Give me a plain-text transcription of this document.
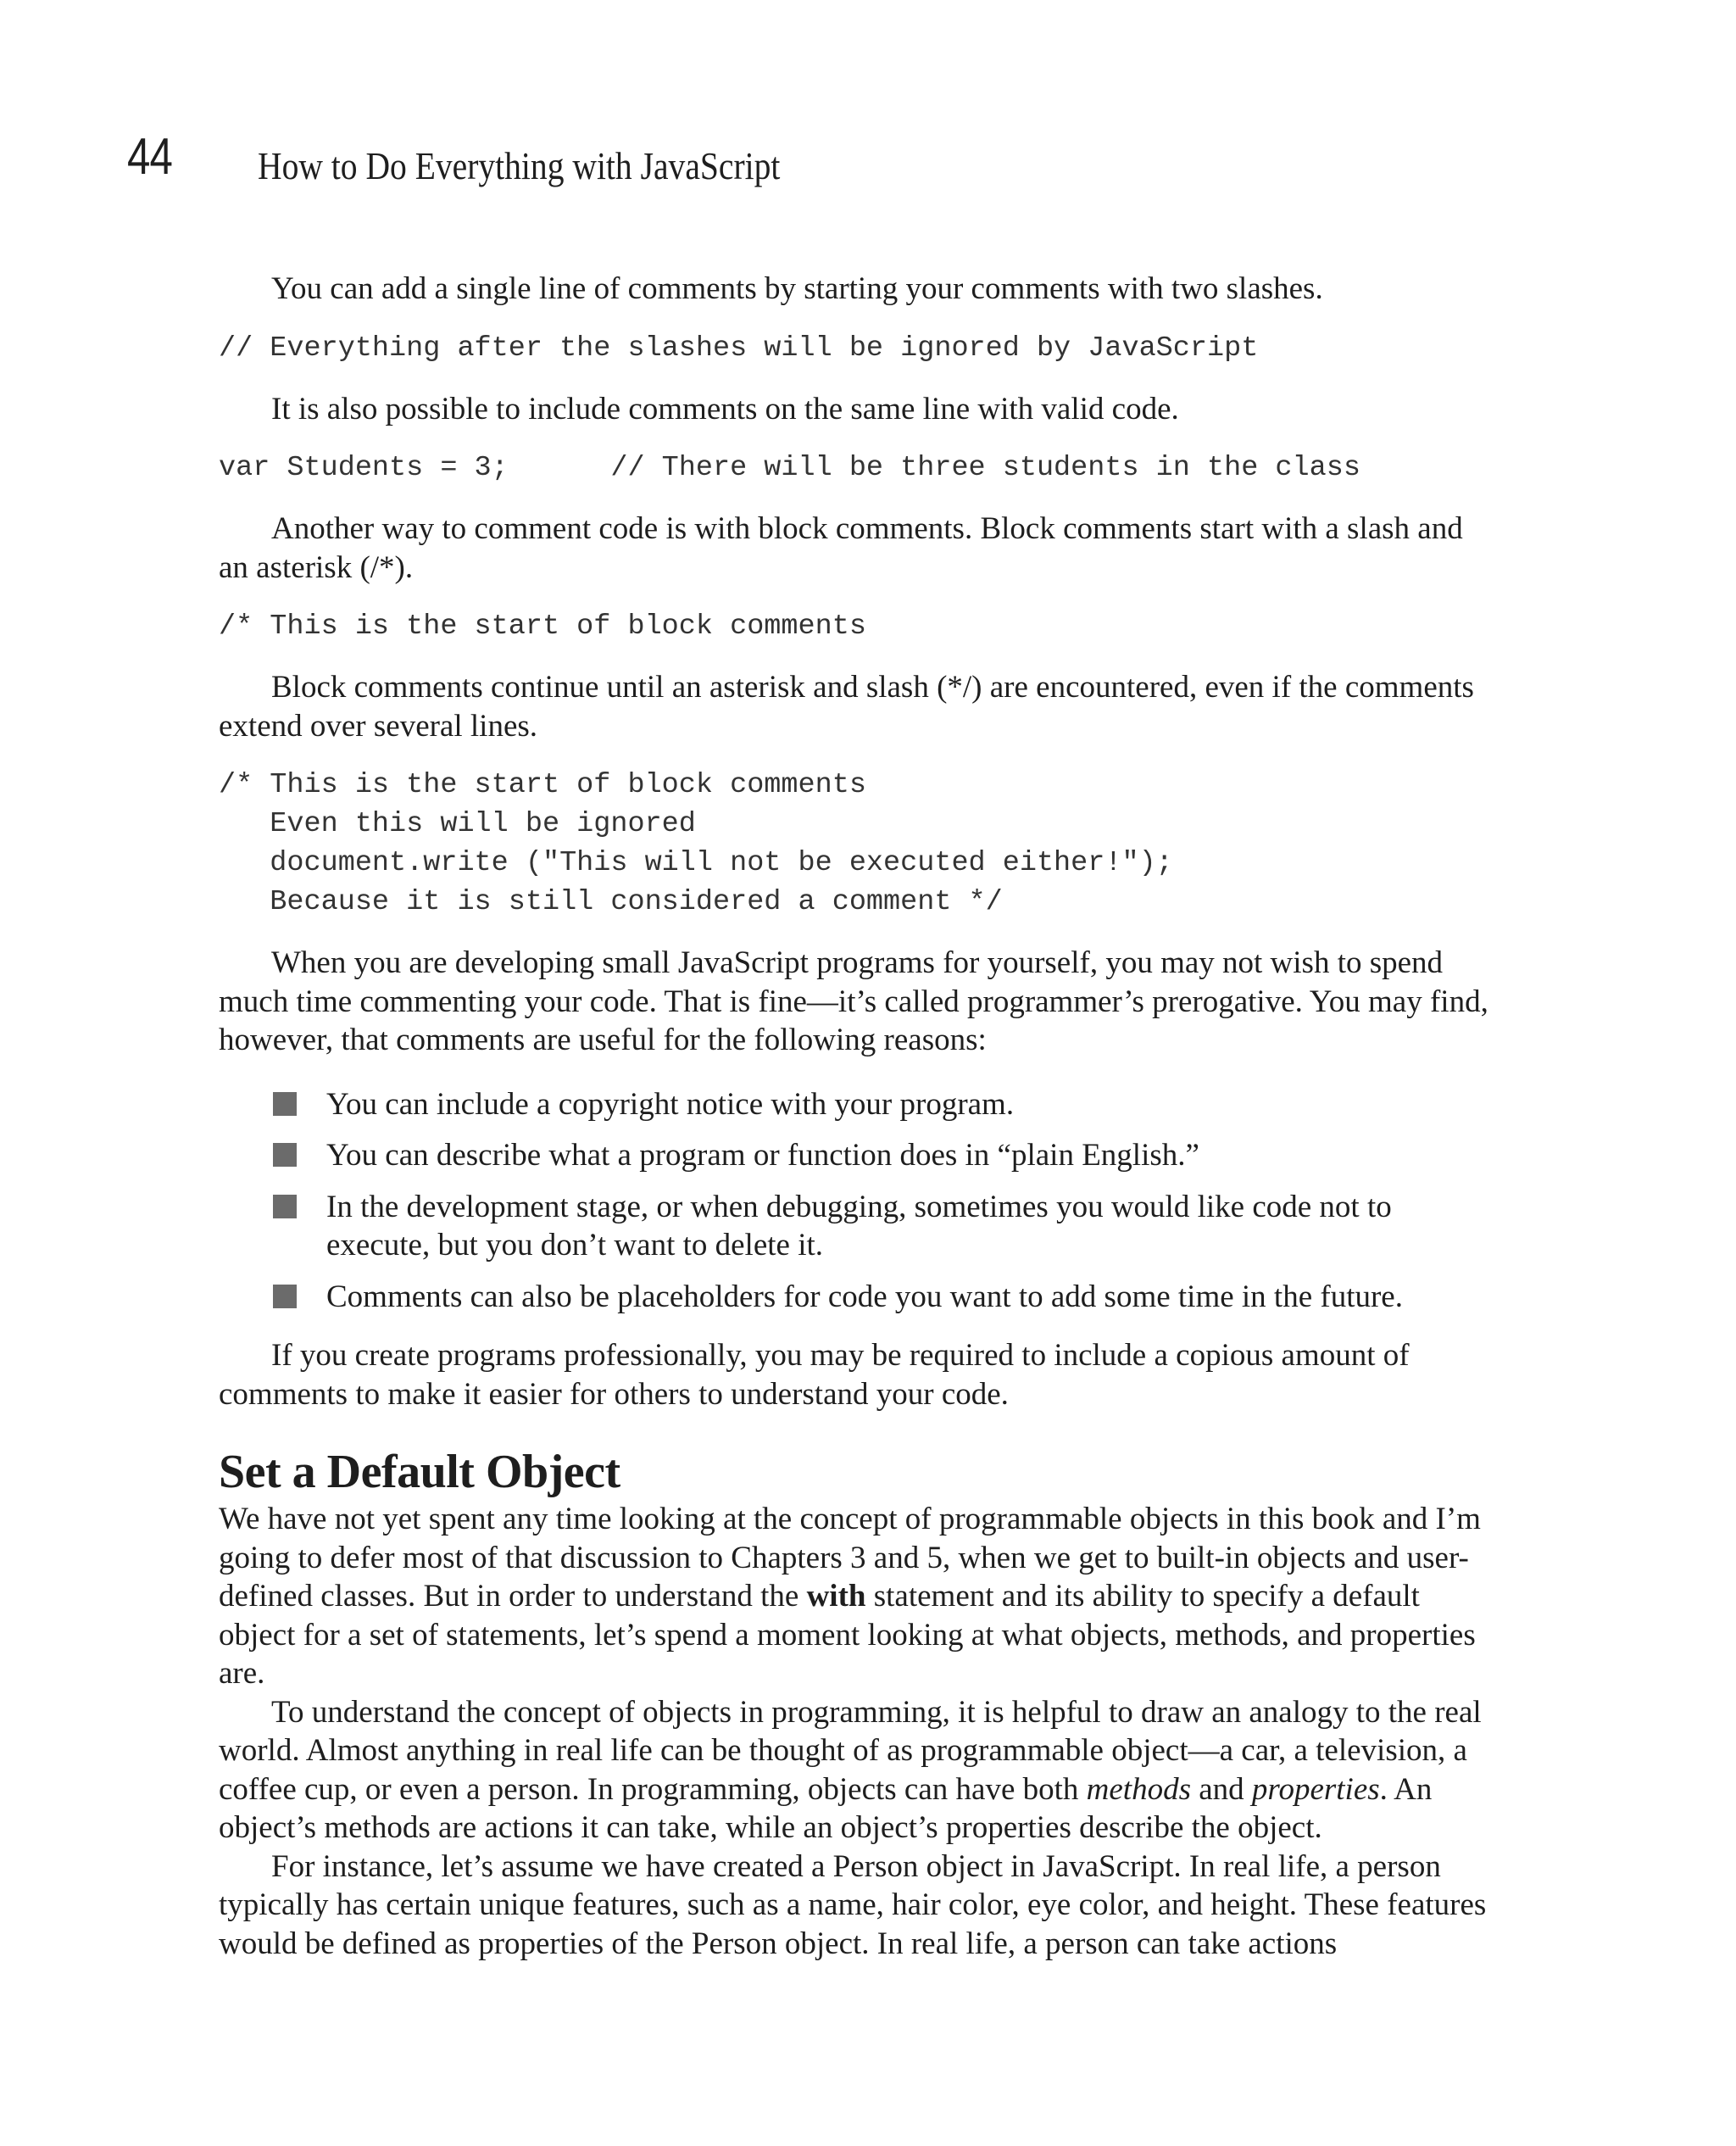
44 How to Do Everything with JavaScript

You can add a single line of comments by starting your comments with two slashes.

// Everything after the slashes will be ignored by JavaScript

It is also possible to include comments on the same line with valid code.

var Students = 3;      // There will be three students in the class

Another way to comment code is with block comments. Block comments start with a slash and an asterisk (/*).

/* This is the start of block comments

Block comments continue until an asterisk and slash (*/) are encountered, even if the comments extend over several lines.

/* This is the start of block comments
Even this will be ignored
document.write ("This will not be executed either!");
Because it is still considered a comment */

When you are developing small JavaScript programs for yourself, you may not wish to spend much time commenting your code. That is fine—it’s called programmer’s prerogative. You may find, however, that comments are useful for the following reasons:

You can include a copyright notice with your program.
You can describe what a program or function does in “plain English.”
In the development stage, or when debugging, sometimes you would like code not to execute, but you don’t want to delete it.
Comments can also be placeholders for code you want to add some time in the future.

If you create programs professionally, you may be required to include a copious amount of comments to make it easier for others to understand your code.

Set a Default Object

We have not yet spent any time looking at the concept of programmable objects in this book and I’m going to defer most of that discussion to Chapters 3 and 5, when we get to built-in objects and user-defined classes. But in order to understand the with statement and its ability to specify a default object for a set of statements, let’s spend a moment looking at what objects, methods, and properties are.

To understand the concept of objects in programming, it is helpful to draw an analogy to the real world. Almost anything in real life can be thought of as programmable object—a car, a television, a coffee cup, or even a person. In programming, objects can have both methods and properties. An object’s methods are actions it can take, while an object’s properties describe the object.

For instance, let’s assume we have created a Person object in JavaScript. In real life, a person typically has certain unique features, such as a name, hair color, eye color, and height. These features would be defined as properties of the Person object. In real life, a person can take actions
